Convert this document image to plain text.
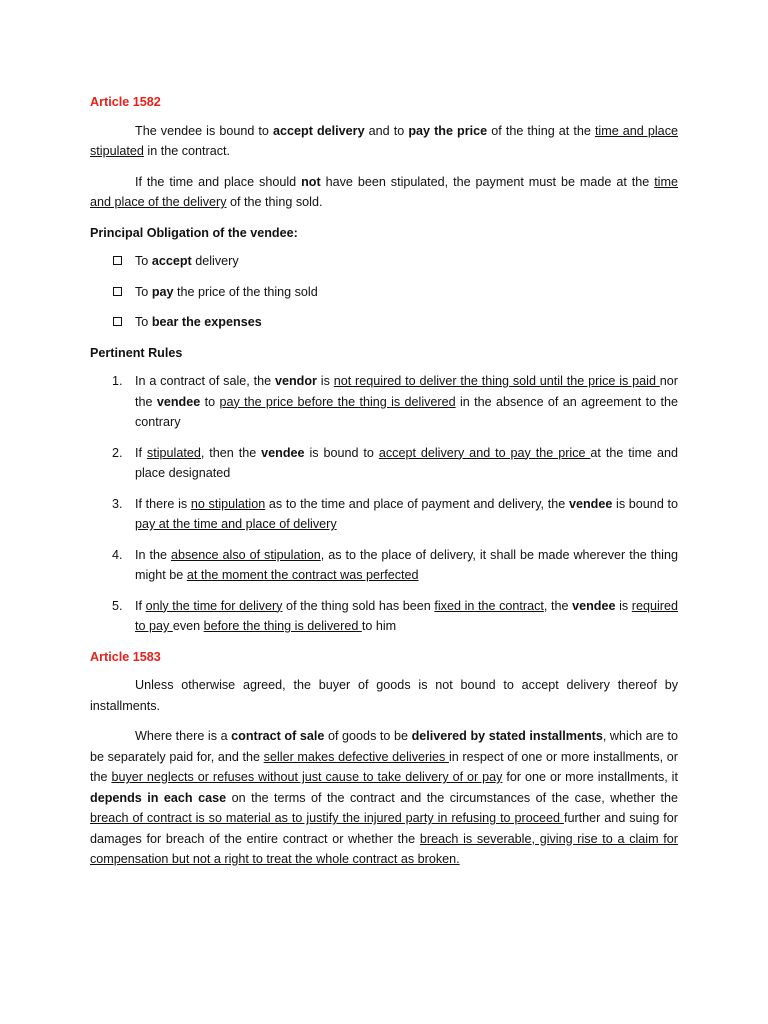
Article 1582

The vendee is bound to accept delivery and to pay the price of the thing at the time and place stipulated in the contract.

If the time and place should not have been stipulated, the payment must be made at the time and place of the delivery of the thing sold.

Principal Obligation of the vendee:
To accept delivery
To pay the price of the thing sold
To bear the expenses
Pertinent Rules
1. In a contract of sale, the vendor is not required to deliver the thing sold until the price is paid nor the vendee to pay the price before the thing is delivered in the absence of an agreement to the contrary
2. If stipulated, then the vendee is bound to accept delivery and to pay the price at the time and place designated
3. If there is no stipulation as to the time and place of payment and delivery, the vendee is bound to pay at the time and place of delivery
4. In the absence also of stipulation, as to the place of delivery, it shall be made wherever the thing might be at the moment the contract was perfected
5. If only the time for delivery of the thing sold has been fixed in the contract, the vendee is required to pay even before the thing is delivered to him
Article 1583

Unless otherwise agreed, the buyer of goods is not bound to accept delivery thereof by installments.

Where there is a contract of sale of goods to be delivered by stated installments, which are to be separately paid for, and the seller makes defective deliveries in respect of one or more installments, or the buyer neglects or refuses without just cause to take delivery of or pay for one or more installments, it depends in each case on the terms of the contract and the circumstances of the case, whether the breach of contract is so material as to justify the injured party in refusing to proceed further and suing for damages for breach of the entire contract or whether the breach is severable, giving rise to a claim for compensation but not a right to treat the whole contract as broken.
